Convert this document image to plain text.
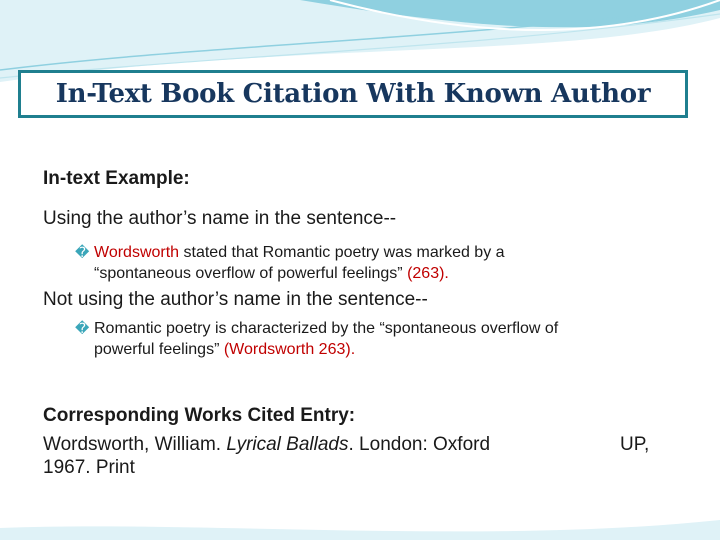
In-Text Book Citation With Known Author
In-text Example:
Using the author’s name in the sentence--
� Wordsworth stated that Romantic poetry was marked by a
“spontaneous overflow of powerful feelings” (263).
Not using the author’s name in the sentence--
� Romantic poetry is characterized by the “spontaneous overflow of
powerful feelings” (Wordsworth 263).
Corresponding Works Cited Entry:
Wordsworth, William. Lyrical Ballads. London: Oxford	UP,
1967. Print
